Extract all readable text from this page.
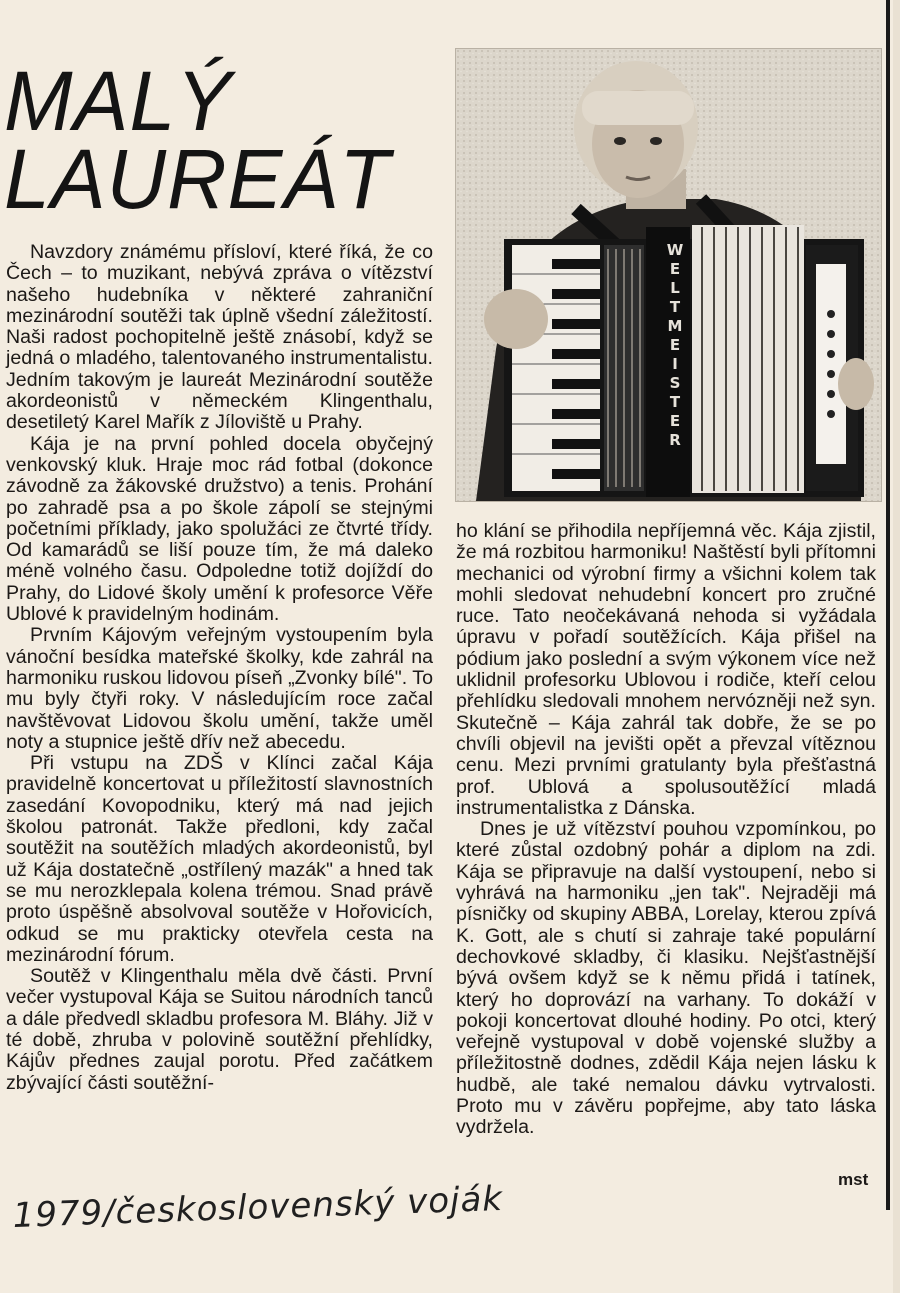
MALÝ
LAUREÁT
WELTMEISTER

Navzdory známému přísloví, které říká, že co Čech – to muzikant, nebývá zpráva o vítězství našeho hudebníka v některé zahraniční mezinárodní soutěži tak úplně všední záležitostí. Naši radost pochopitelně ještě znásobí, když se jedná o mladého, talentovaného instrumentalistu. Jedním takovým je laureát Mezinárodní soutěže akordeonistů v německém Klingenthalu, desetiletý Karel Mařík z Jíloviště u Prahy.

Kája je na první pohled docela obyčejný venkovský kluk. Hraje moc rád fotbal (dokonce závodně za žákovské družstvo) a tenis. Prohání po zahradě psa a po škole zápolí se stejnými početními příklady, jako spolužáci ze čtvrté třídy. Od kamarádů se liší pouze tím, že má daleko méně volného času. Odpoledne totiž dojíždí do Prahy, do Lidové školy umění k profesorce Věře Ublové k pravidelným hodinám.

Prvním Kájovým veřejným vystoupením byla vánoční besídka mateřské školky, kde zahrál na harmoniku ruskou lidovou píseň „Zvonky bílé". To mu byly čtyři roky. V následujícím roce začal navštěvovat Lidovou školu umění, takže uměl noty a stupnice ještě dřív než abecedu.

Při vstupu na ZDŠ v Klínci začal Kája pravidelně koncertovat u příležitostí slavnostních zasedání Kovopodniku, který má nad jejich školou patronát. Takže předloni, kdy začal soutěžit na soutěžích mladých akordeonistů, byl už Kája dostatečně „ostřílený mazák" a hned tak se mu nerozklepala kolena trémou. Snad právě proto úspěšně absolvoval soutěže v Hořovicích, odkud se mu prakticky otevřela cesta na mezinárodní fórum.

Soutěž v Klingenthalu měla dvě části. První večer vystupoval Kája se Suitou národních tanců a dále předvedl skladbu profesora M. Bláhy. Již v té době, zhruba v polovině soutěžní přehlídky, Kájův přednes zaujal porotu. Před začátkem zbývající části soutěžní-

ho klání se přihodila nepříjemná věc. Kája zjistil, že má rozbitou harmoniku! Naštěstí byli přítomni mechanici od výrobní firmy a všichni kolem tak mohli sledovat nehudební koncert pro zručné ruce. Tato neočekávaná nehoda si vyžádala úpravu v pořadí soutěžících. Kája přišel na pódium jako poslední a svým výkonem více než uklidnil profesorku Ublovou i rodiče, kteří celou přehlídku sledovali mnohem nervózněji než syn. Skutečně – Kája zahrál tak dobře, že se po chvíli objevil na jevišti opět a převzal vítěznou cenu. Mezi prvními gratulanty byla přešťastná prof. Ublová a spolusoutěžící mladá instrumentalistka z Dánska.

Dnes je už vítězství pouhou vzpomínkou, po které zůstal ozdobný pohár a diplom na zdi. Kája se připravuje na další vystoupení, nebo si vyhrává na harmoniku „jen tak". Nejraději má písničky od skupiny ABBA, Lorelay, kterou zpívá K. Gott, ale s chutí si zahraje také populární dechovkové skladby, či klasiku. Nejšťastnější bývá ovšem když se k němu přidá i tatínek, který ho doprovází na varhany. To dokáží v pokoji koncertovat dlouhé hodiny. Po otci, který veřejně vystupoval v době vojenské služby a příležitostně dodnes, zdědil Kája nejen lásku k hudbě, ale také nemalou dávku vytrvalosti. Proto mu v závěru popřejme, aby tato láska vydržela.

mst
1979/československý voják
